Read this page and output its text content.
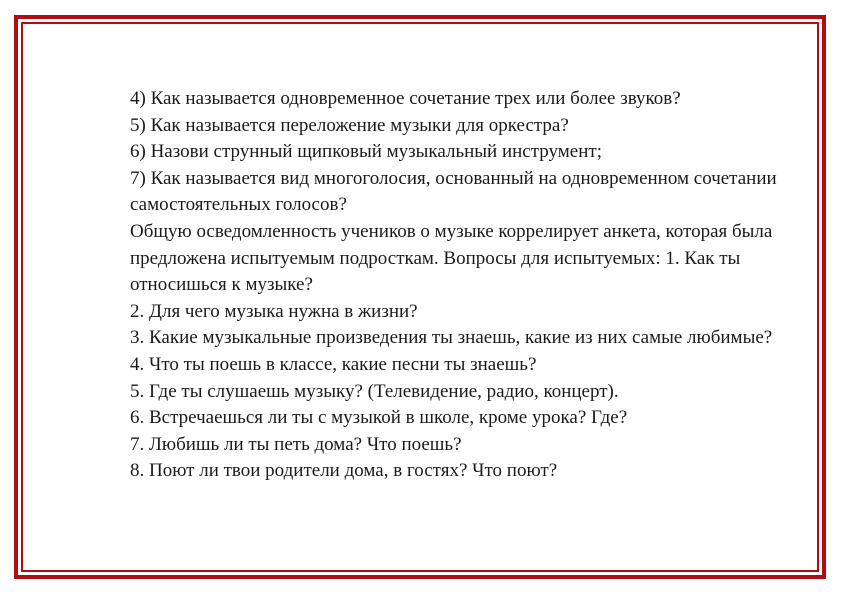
4) Как называется одновременное сочетание трех или более звуков?

5) Как называется переложение музыки для оркестра?

6) Назови струнный щипковый музыкальный инструмент;

7) Как называется вид многоголосия, основанный на одновременном сочетании самостоятельных голосов?

Общую осведомленность учеников о музыке коррелирует анкета, которая была предложена испытуемым подросткам. Вопросы для испытуемых: 1. Как ты относишься к музыке?

2. Для чего музыка нужна в жизни?

3. Какие музыкальные произведения ты знаешь, какие из них самые любимые?

4. Что ты поешь в классе, какие песни ты знаешь?

5. Где ты слушаешь музыку? (Телевидение, радио, концерт).

6. Встречаешься ли ты с музыкой в школе, кроме урока? Где?

7. Любишь ли ты петь дома? Что поешь?

8. Поют ли твои родители дома, в гостях? Что поют?
